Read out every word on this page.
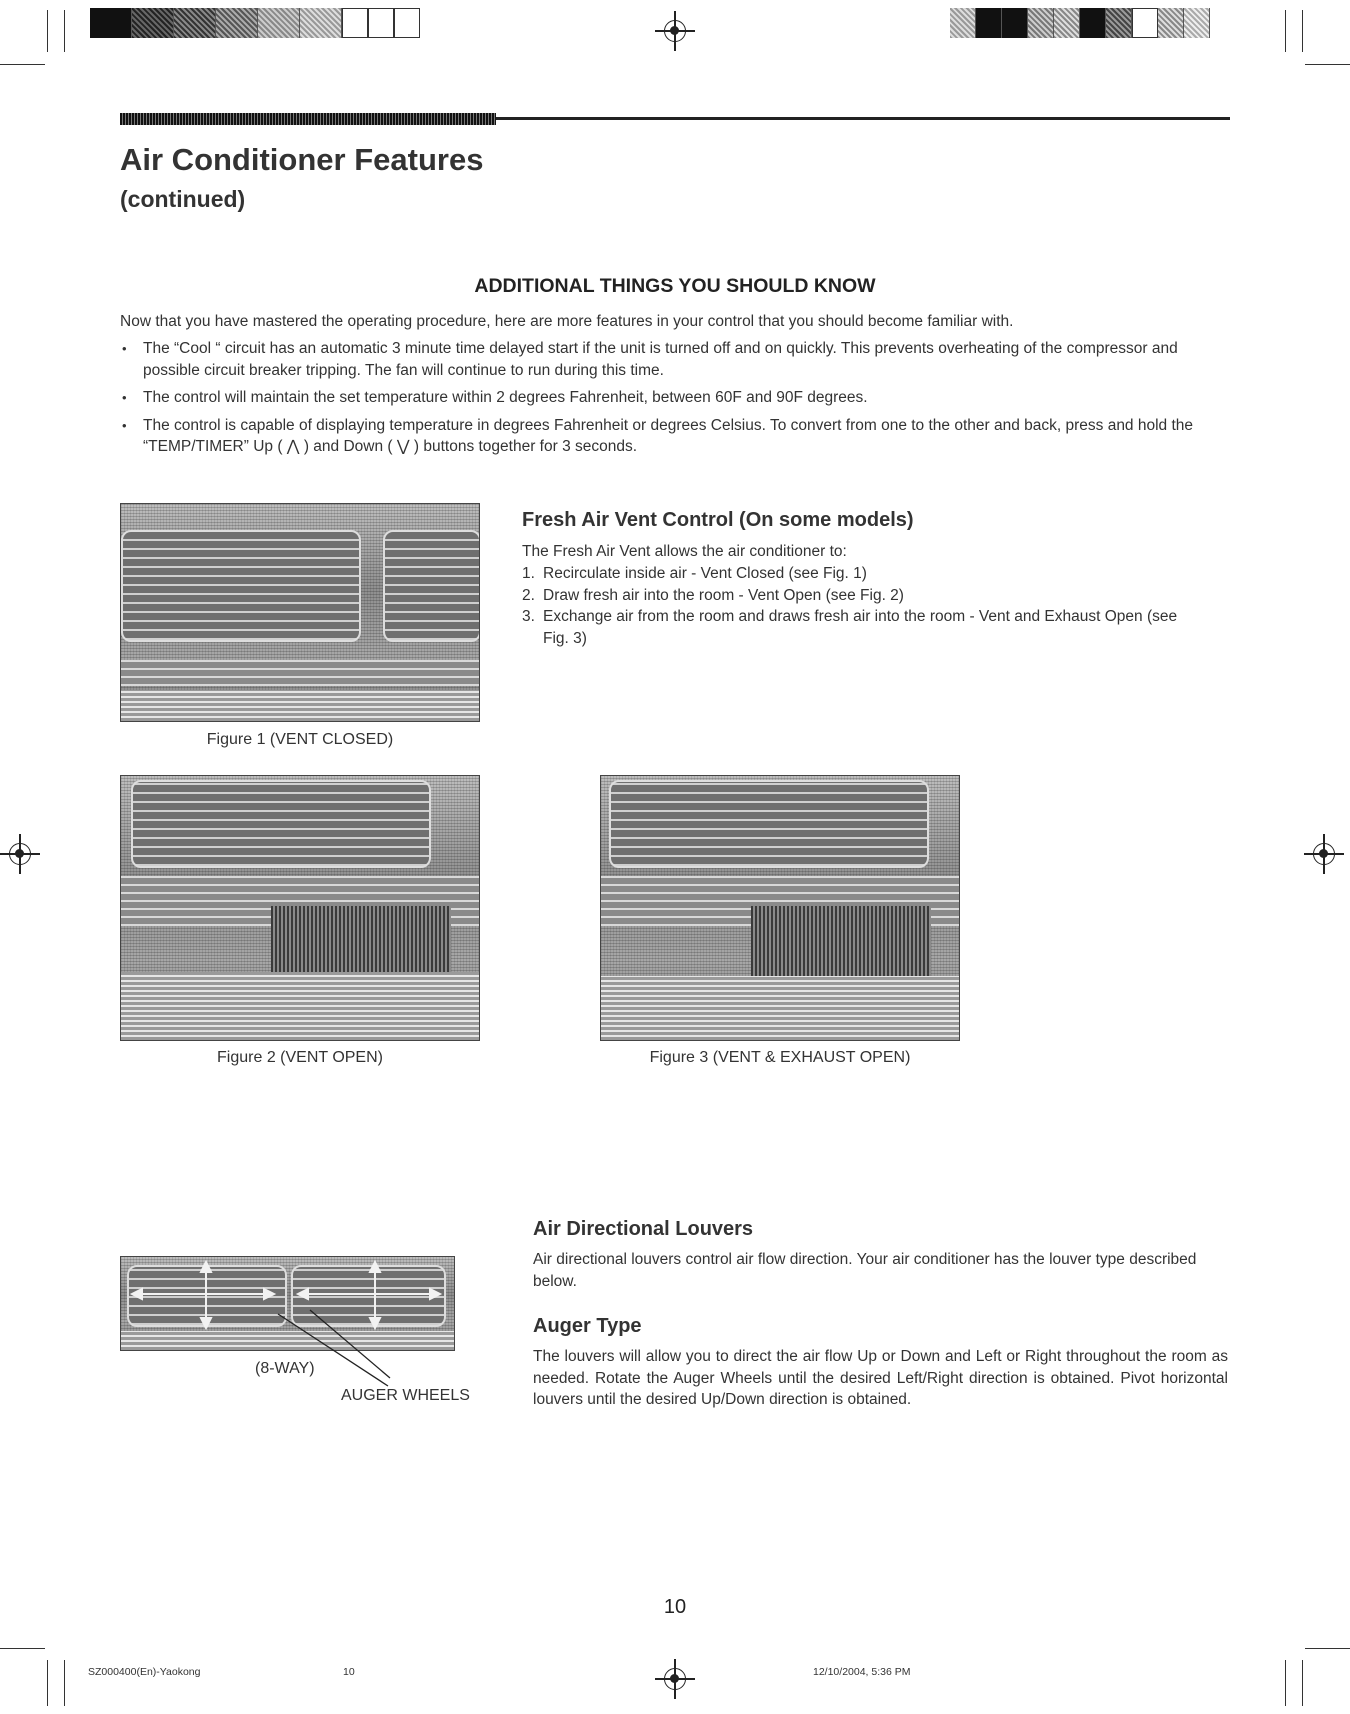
Air Conditioner Features
(continued)
ADDITIONAL THINGS YOU SHOULD KNOW
Now that you have mastered the operating procedure, here are more features in your control that you should become familiar with.
• The “Cool “ circuit has an automatic 3 minute time delayed start if the unit is turned off and on quickly. This prevents overheating of the compressor and possible circuit breaker tripping. The fan will continue to run during this time.
• The control will maintain the set temperature within 2 degrees Fahrenheit, between 60F and 90F degrees.
• The control is capable of displaying temperature in degrees Fahrenheit or degrees Celsius. To convert from one to the other and back, press and hold the “TEMP/TIMER” Up ( ⋀ ) and Down ( ⋁ ) buttons together for 3 seconds.
Figure 1 (VENT CLOSED)
Fresh Air Vent Control (On some models)
The Fresh Air Vent allows the air conditioner to:
1. Recirculate inside air - Vent Closed (see Fig. 1)
2. Draw fresh air into the room - Vent Open (see Fig. 2)
3. Exchange air from the room and draws fresh air into the room - Vent and Exhaust Open (see Fig. 3)
Figure 2 (VENT OPEN)	Figure 3 (VENT & EXHAUST OPEN)
(8-WAY)
AUGER WHEELS
Air Directional Louvers
Air directional louvers control air flow direction. Your air conditioner has the louver type described below.
Auger Type
The louvers will allow you to direct the air flow Up or Down and Left or Right throughout the room as needed. Rotate the Auger Wheels until the desired Left/Right direction is obtained. Pivot horizontal louvers until the desired Up/Down direction is obtained.
10
SZ000400(En)-Yaokong	10	12/10/2004, 5:36 PM
